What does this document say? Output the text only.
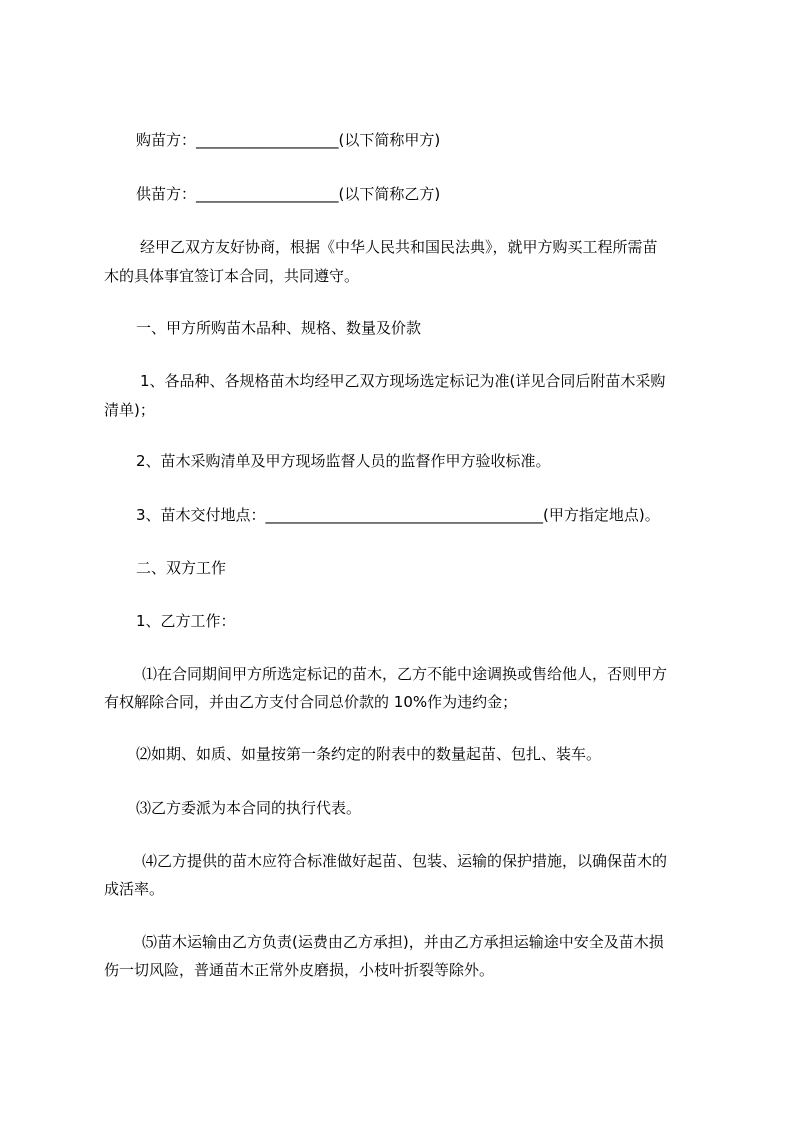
购苗方：___________________(以下简称甲方)
供苗方：___________________(以下简称乙方)
经甲乙双方友好协商，根据《中华人民共和国民法典》，就甲方购买工程所需苗
木的具体事宜签订本合同，共同遵守。
一、甲方所购苗木品种、规格、数量及价款
1、各品种、各规格苗木均经甲乙双方现场选定标记为准(详见合同后附苗木采购
清单)；
2、苗木采购清单及甲方现场监督人员的监督作甲方验收标准。
3、苗木交付地点：_____________________________________(甲方指定地点)。
二、双方工作
1、乙方工作：
⑴在合同期间甲方所选定标记的苗木，乙方不能中途调换或售给他人，否则甲方
有权解除合同，并由乙方支付合同总价款的 10%作为违约金；
⑵如期、如质、如量按第一条约定的附表中的数量起苗、包扎、装车。
⑶乙方委派为本合同的执行代表。
⑷乙方提供的苗木应符合标准做好起苗、包装、运输的保护措施，以确保苗木的
成活率。
⑸苗木运输由乙方负责(运费由乙方承担)，并由乙方承担运输途中安全及苗木损
伤一切风险，普通苗木正常外皮磨损，小枝叶折裂等除外。
